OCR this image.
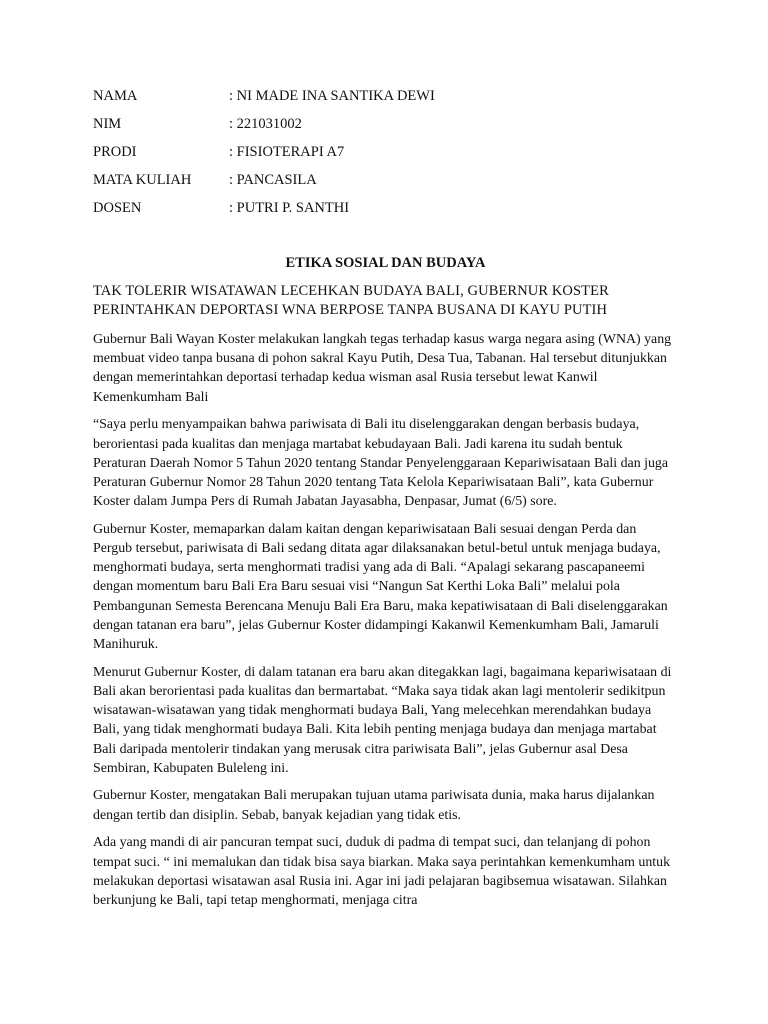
NAMA	: NI MADE INA SANTIKA DEWI
NIM	: 221031002
PRODI	: FISIOTERAPI A7
MATA KULIAH	: PANCASILA
DOSEN	: PUTRI P. SANTHI
ETIKA SOSIAL DAN BUDAYA
TAK TOLERIR WISATAWAN LECEHKAN BUDAYA BALI, GUBERNUR KOSTER PERINTAHKAN DEPORTASI WNA BERPOSE TANPA BUSANA DI KAYU PUTIH

Gubernur Bali Wayan Koster melakukan langkah tegas terhadap kasus warga negara asing (WNA) yang membuat video tanpa busana di pohon sakral Kayu Putih, Desa Tua, Tabanan. Hal tersebut ditunjukkan dengan memerintahkan deportasi terhadap kedua wisman asal Rusia tersebut lewat Kanwil Kemenkumham Bali

“Saya perlu menyampaikan bahwa pariwisata di Bali itu diselenggarakan dengan berbasis budaya, berorientasi pada kualitas dan menjaga martabat kebudayaan Bali. Jadi karena itu sudah bentuk Peraturan Daerah Nomor 5 Tahun 2020 tentang Standar Penyelenggaraan Kepariwisataan Bali dan juga Peraturan Gubernur Nomor 28 Tahun 2020 tentang Tata Kelola Kepariwisataan Bali”, kata Gubernur Koster dalam Jumpa Pers di Rumah Jabatan Jayasabha, Denpasar, Jumat (6/5) sore.

Gubernur Koster, memaparkan dalam kaitan dengan kepariwisataan Bali sesuai dengan Perda dan Pergub tersebut, pariwisata di Bali sedang ditata agar dilaksanakan betul-betul untuk menjaga budaya, menghormati budaya, serta menghormati tradisi yang ada di Bali. “Apalagi sekarang pascapaneemi dengan momentum baru Bali Era Baru sesuai visi “Nangun Sat Kerthi Loka Bali” melalui pola Pembangunan Semesta Berencana Menuju Bali Era Baru, maka kepatiwisataan di Bali diselenggarakan dengan tatanan era baru”, jelas Gubernur Koster didampingi Kakanwil Kemenkumham Bali, Jamaruli Manihuruk.

Menurut Gubernur Koster, di dalam tatanan era baru akan ditegakkan lagi, bagaimana kepariwisataan di Bali akan berorientasi pada kualitas dan bermartabat. “Maka saya tidak akan lagi mentolerir sedikitpun wisatawan-wisatawan yang tidak menghormati budaya Bali, Yang melecehkan merendahkan budaya Bali, yang tidak menghormati budaya Bali. Kita lebih penting menjaga budaya dan menjaga martabat Bali daripada mentolerir tindakan yang merusak citra pariwisata Bali”, jelas Gubernur asal Desa Sembiran, Kabupaten Buleleng ini.

Gubernur Koster, mengatakan Bali merupakan tujuan utama pariwisata dunia, maka harus dijalankan dengan tertib dan disiplin. Sebab, banyak kejadian yang tidak etis.

Ada yang mandi di air pancuran tempat suci, duduk di padma di tempat suci, dan telanjang di pohon tempat suci. “ ini memalukan dan tidak bisa saya biarkan. Maka saya perintahkan kemenkumham untuk melakukan deportasi wisatawan asal Rusia ini. Agar ini jadi pelajaran bagibsemua wisatawan. Silahkan berkunjung ke Bali, tapi tetap menghormati, menjaga citra
